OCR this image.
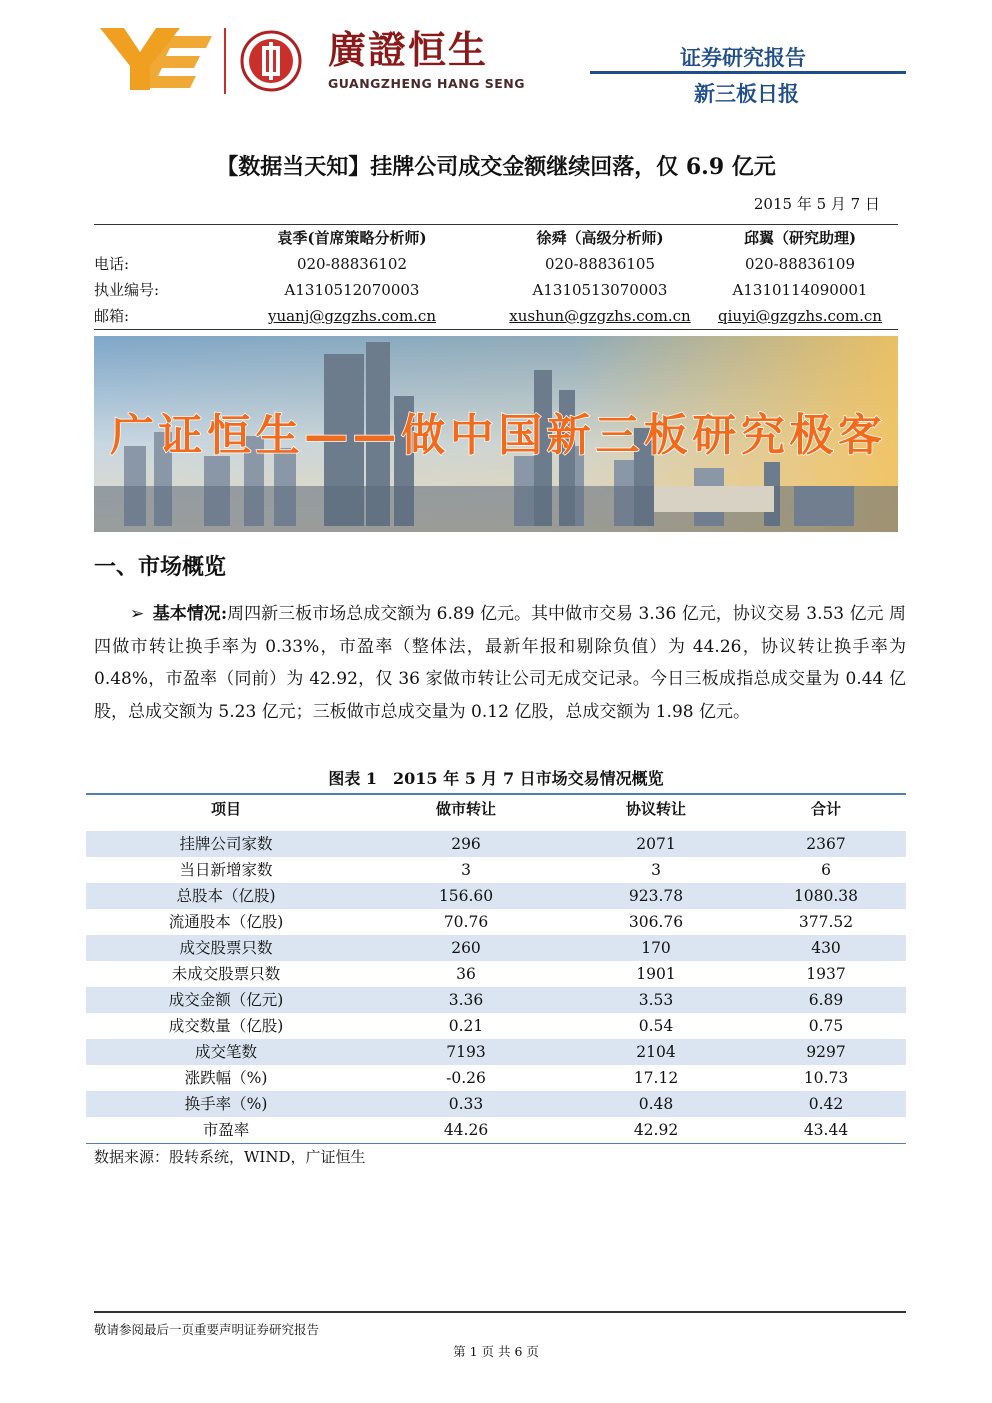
廣證恒生
GUANGZHENG HANG SENG
证券研究报告
新三板日报
【数据当天知】挂牌公司成交金额继续回落，仅 6.9 亿元
2015 年 5 月 7 日
袁季(首席策略分析师)	徐舜（高级分析师)	邱翼（研究助理)
电话:	020-88836102	020-88836105	020-88836109
执业编号:	A1310512070003	A1310513070003	A1310114090001
邮箱:	yuanj@gzgzhs.com.cn	xushun@gzgzhs.com.cn	qiuyi@gzgzhs.com.cn
广证恒生——做中国新三板研究极客
一、市场概览
➢  基本情况:周四新三板市场总成交额为 6.89 亿元。其中做市交易 3.36 亿元，协议交易 3.53 亿元 周四做市转让换手率为 0.33%，市盈率（整体法，最新年报和剔除负值）为 44.26，协议转让换手率为 0.48%，市盈率（同前）为 42.92，仅 36 家做市转让公司无成交记录。今日三板成指总成交量为 0.44 亿股，总成交额为 5.23 亿元；三板做市总成交量为 0.12 亿股，总成交额为 1.98 亿元。
图表 1　2015 年 5 月 7 日市场交易情况概览
项目	做市转让	协议转让	合计
挂牌公司家数	296	2071	2367
当日新增家数	3	3	6
总股本（亿股)	156.60	923.78	1080.38
流通股本（亿股)	70.76	306.76	377.52
成交股票只数	260	170	430
未成交股票只数	36	1901	1937
成交金额（亿元)	3.36	3.53	6.89
成交数量（亿股)	0.21	0.54	0.75
成交笔数	7193	2104	9297
涨跌幅（%)	-0.26	17.12	10.73
换手率（%)	0.33	0.48	0.42
市盈率	44.26	42.92	43.44
数据来源：股转系统，WIND，广证恒生
敬请参阅最后一页重要声明证券研究报告
第 1 页 共 6 页
